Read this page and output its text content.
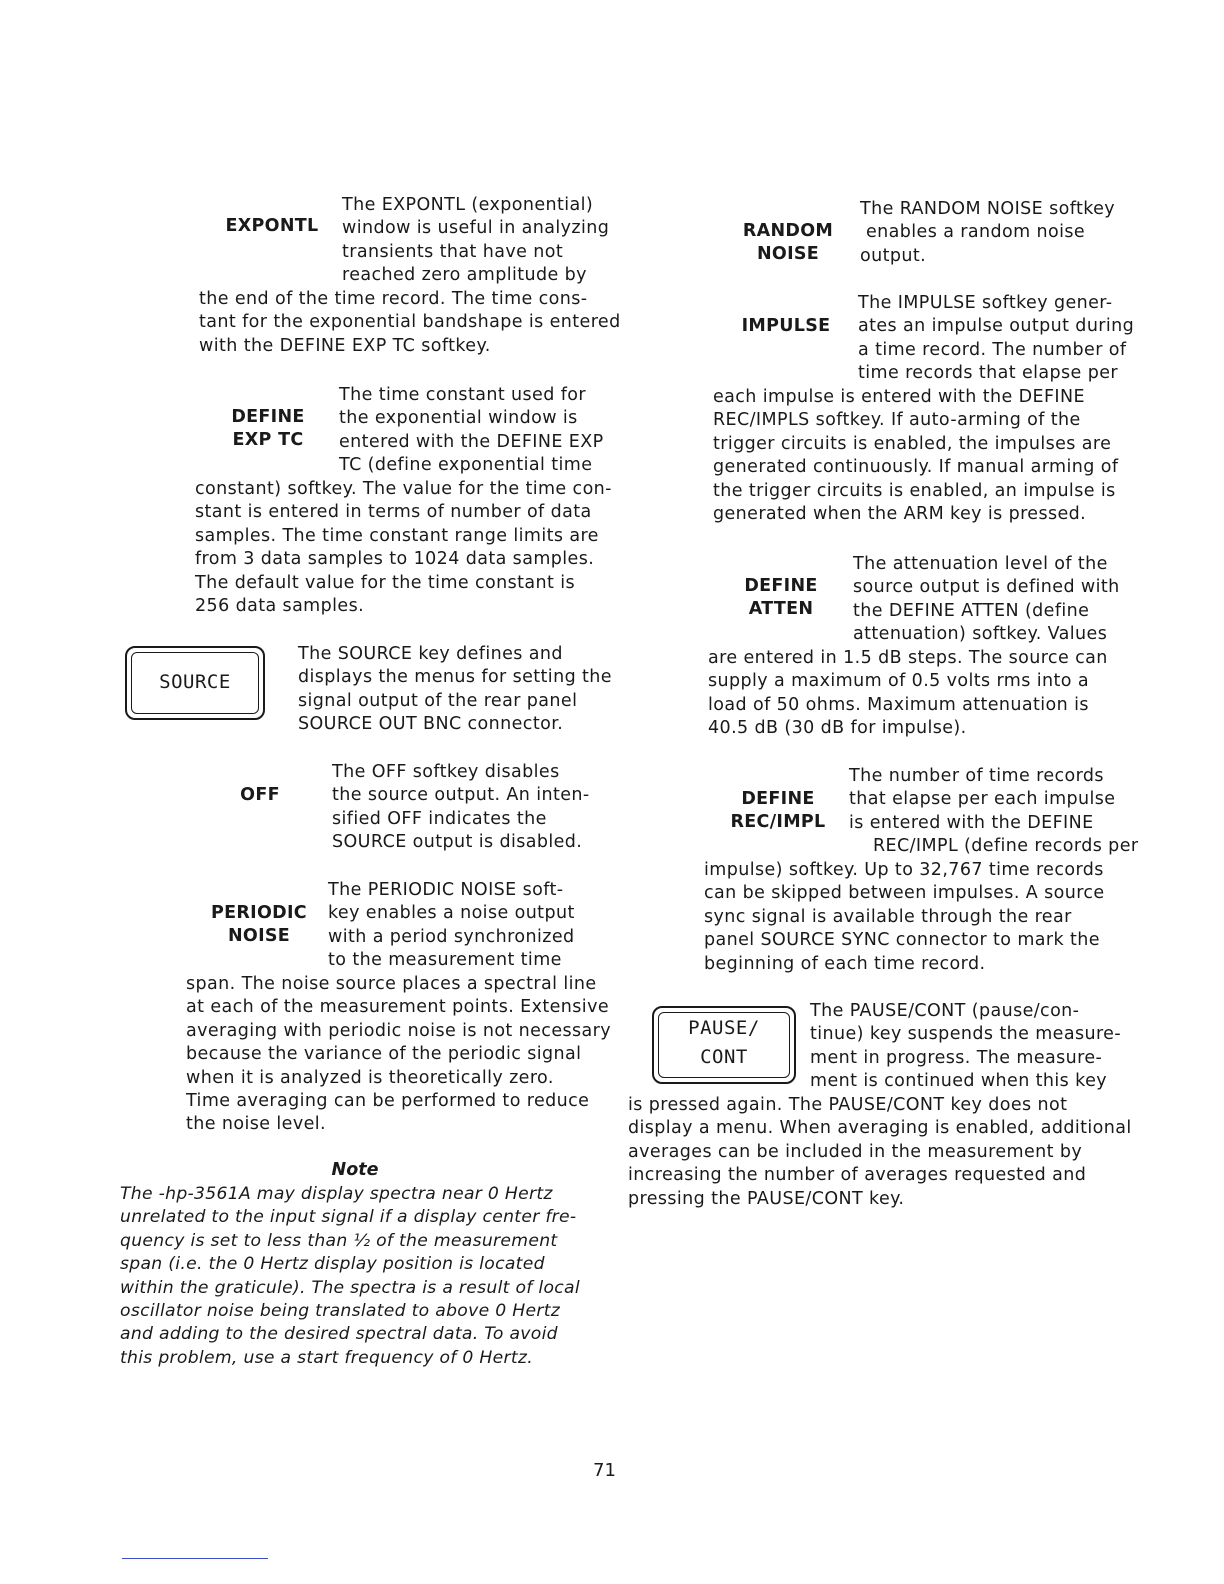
EXPONTL
The EXPONTL (exponential)
window is useful in analyzing
transients that have not
reached zero amplitude by
the end of the time record. The time cons-
tant for the exponential bandshape is entered
with the DEFINE EXP TC softkey.
DEFINE
EXP TC
The time constant used for
the exponential window is
entered with the DEFINE EXP
TC (define exponential time
constant) softkey. The value for the time con-
stant is entered in terms of number of data
samples. The time constant range limits are
from 3 data samples to 1024 data samples.
The default value for the time constant is
256 data samples.
SOURCE
The SOURCE key defines and
displays the menus for setting the
signal output of the rear panel
SOURCE OUT BNC connector.
OFF
The OFF softkey disables
the source output. An inten-
sified OFF indicates the
SOURCE output is disabled.
PERIODIC
NOISE
The PERIODIC NOISE soft-
key enables a noise output
with a period synchronized
to the measurement time
span. The noise source places a spectral line
at each of the measurement points. Extensive
averaging with periodic noise is not necessary
because the variance of the periodic signal
when it is analyzed is theoretically zero.
Time averaging can be performed to reduce
the noise level.
Note
The -hp-3561A may display spectra near 0 Hertz
unrelated to the input signal if a display center fre-
quency is set to less than ½ of the measurement
span (i.e. the 0 Hertz display position is located
within the graticule). The spectra is a result of local
oscillator noise being translated to above 0 Hertz
and adding to the desired spectral data. To avoid
this problem, use a start frequency of 0 Hertz.
RANDOM
NOISE
The RANDOM NOISE softkey
enables a random noise
output.
IMPULSE
The IMPULSE softkey gener-
ates an impulse output during
a time record. The number of
time records that elapse per
each impulse is entered with the DEFINE
REC/IMPLS softkey. If auto-arming of the
trigger circuits is enabled, the impulses are
generated continuously. If manual arming of
the trigger circuits is enabled, an impulse is
generated when the ARM key is pressed.
DEFINE
ATTEN
The attenuation level of the
source output is defined with
the DEFINE ATTEN (define
attenuation) softkey. Values
are entered in 1.5 dB steps. The source can
supply a maximum of 0.5 volts rms into a
load of 50 ohms. Maximum attenuation is
40.5 dB (30 dB for impulse).
DEFINE
REC/IMPL
The number of time records
that elapse per each impulse
is entered with the DEFINE
REC/IMPL (define records per
impulse) softkey. Up to 32,767 time records
can be skipped between impulses. A source
sync signal is available through the rear
panel SOURCE SYNC connector to mark the
beginning of each time record.
PAUSE/
CONT
The PAUSE/CONT (pause/con-
tinue) key suspends the measure-
ment in progress. The measure-
ment is continued when this key
is pressed again. The PAUSE/CONT key does not
display a menu. When averaging is enabled, additional
averages can be included in the measurement by
increasing the number of averages requested and
pressing the PAUSE/CONT key.
71
